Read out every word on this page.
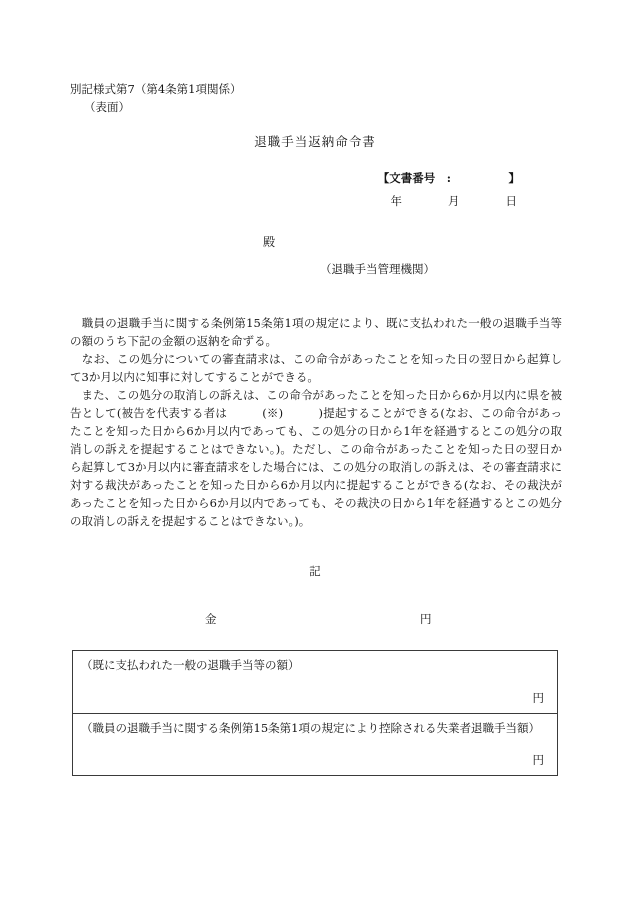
別記様式第7（第4条第1項関係）
（表面）
退職手当返納命令書
【文書番号　:　　　　　】
年　　　　月　　　　日
殿
（退職手当管理機関）

　職員の退職手当に関する条例第15条第1項の規定により、既に支払われた一般の退職手当等の額のうち下記の金額の返納を命ずる。

　なお、この処分についての審査請求は、この命令があったことを知った日の翌日から起算して3か月以内に知事に対してすることができる。

　また、この処分の取消しの訴えは、この命令があったことを知った日から6か月以内に県を被告として(被告を代表する者は　　　(※)　　　)提起することができる(なお、この命令があったことを知った日から6か月以内であっても、この処分の日から1年を経過するとこの処分の取消しの訴えを提起することはできない。)。ただし、この命令があったことを知った日の翌日から起算して3か月以内に審査請求をした場合には、この処分の取消しの訴えは、その審査請求に対する裁決があったことを知った日から6か月以内に提起することができる(なお、その裁決があったことを知った日から6か月以内であっても、その裁決の日から1年を経過するとこの処分の取消しの訴えを提起することはできない。)。

記
金	円
（既に支払われた一般の退職手当等の額）
円
（職員の退職手当に関する条例第15条第1項の規定により控除される失業者退職手当額）
円
